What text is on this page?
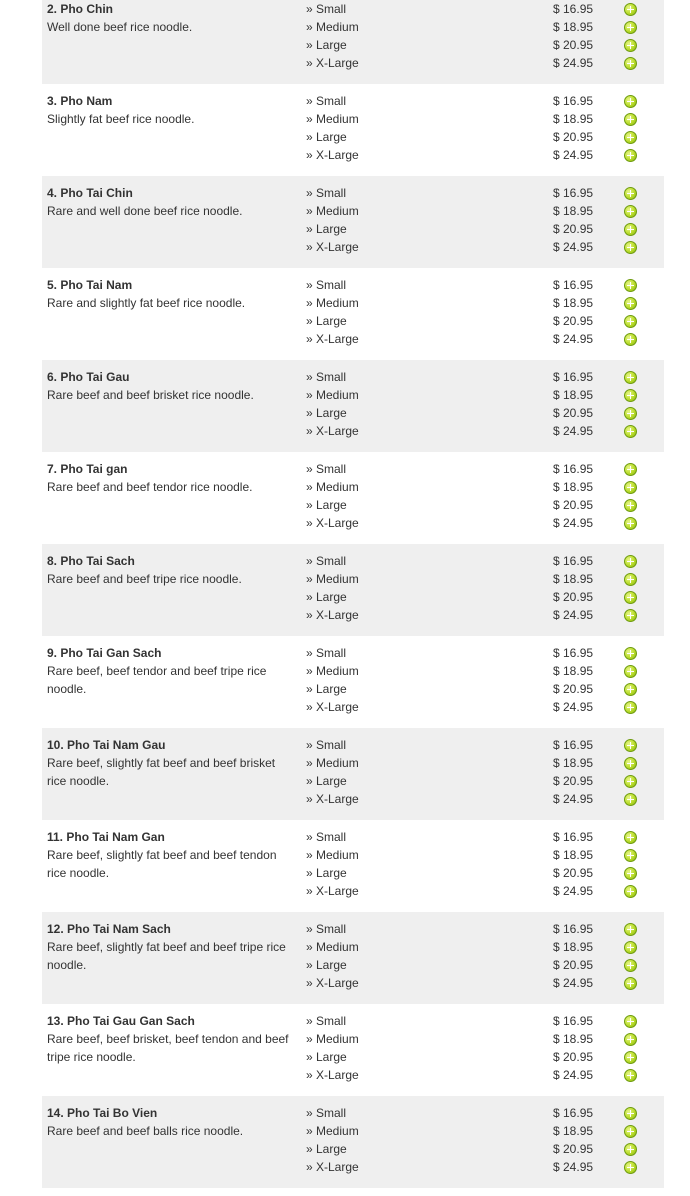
2. Pho Chin
Well done beef rice noodle.
» Small	$ 16.95
» Medium	$ 18.95
» Large	$ 20.95
» X-Large	$ 24.95
3. Pho Nam
Slightly fat beef rice noodle.
» Small	$ 16.95
» Medium	$ 18.95
» Large	$ 20.95
» X-Large	$ 24.95
4. Pho Tai Chin
Rare and well done beef rice noodle.
» Small	$ 16.95
» Medium	$ 18.95
» Large	$ 20.95
» X-Large	$ 24.95
5. Pho Tai Nam
Rare and slightly fat beef rice noodle.
» Small	$ 16.95
» Medium	$ 18.95
» Large	$ 20.95
» X-Large	$ 24.95
6. Pho Tai Gau
Rare beef and beef brisket rice noodle.
» Small	$ 16.95
» Medium	$ 18.95
» Large	$ 20.95
» X-Large	$ 24.95
7. Pho Tai gan
Rare beef and beef tendor rice noodle.
» Small	$ 16.95
» Medium	$ 18.95
» Large	$ 20.95
» X-Large	$ 24.95
8. Pho Tai Sach
Rare beef and beef tripe rice noodle.
» Small	$ 16.95
» Medium	$ 18.95
» Large	$ 20.95
» X-Large	$ 24.95
9. Pho Tai Gan Sach
Rare beef, beef tendor and beef tripe rice noodle.
» Small	$ 16.95
» Medium	$ 18.95
» Large	$ 20.95
» X-Large	$ 24.95
10. Pho Tai Nam Gau
Rare beef, slightly fat beef and beef brisket rice noodle.
» Small	$ 16.95
» Medium	$ 18.95
» Large	$ 20.95
» X-Large	$ 24.95
11. Pho Tai Nam Gan
Rare beef, slightly fat beef and beef tendon rice noodle.
» Small	$ 16.95
» Medium	$ 18.95
» Large	$ 20.95
» X-Large	$ 24.95
12. Pho Tai Nam Sach
Rare beef, slightly fat beef and beef tripe rice noodle.
» Small	$ 16.95
» Medium	$ 18.95
» Large	$ 20.95
» X-Large	$ 24.95
13. Pho Tai Gau Gan Sach
Rare beef, beef brisket, beef tendon and beef tripe rice noodle.
» Small	$ 16.95
» Medium	$ 18.95
» Large	$ 20.95
» X-Large	$ 24.95
14. Pho Tai Bo Vien
Rare beef and beef balls rice noodle.
» Small	$ 16.95
» Medium	$ 18.95
» Large	$ 20.95
» X-Large	$ 24.95
